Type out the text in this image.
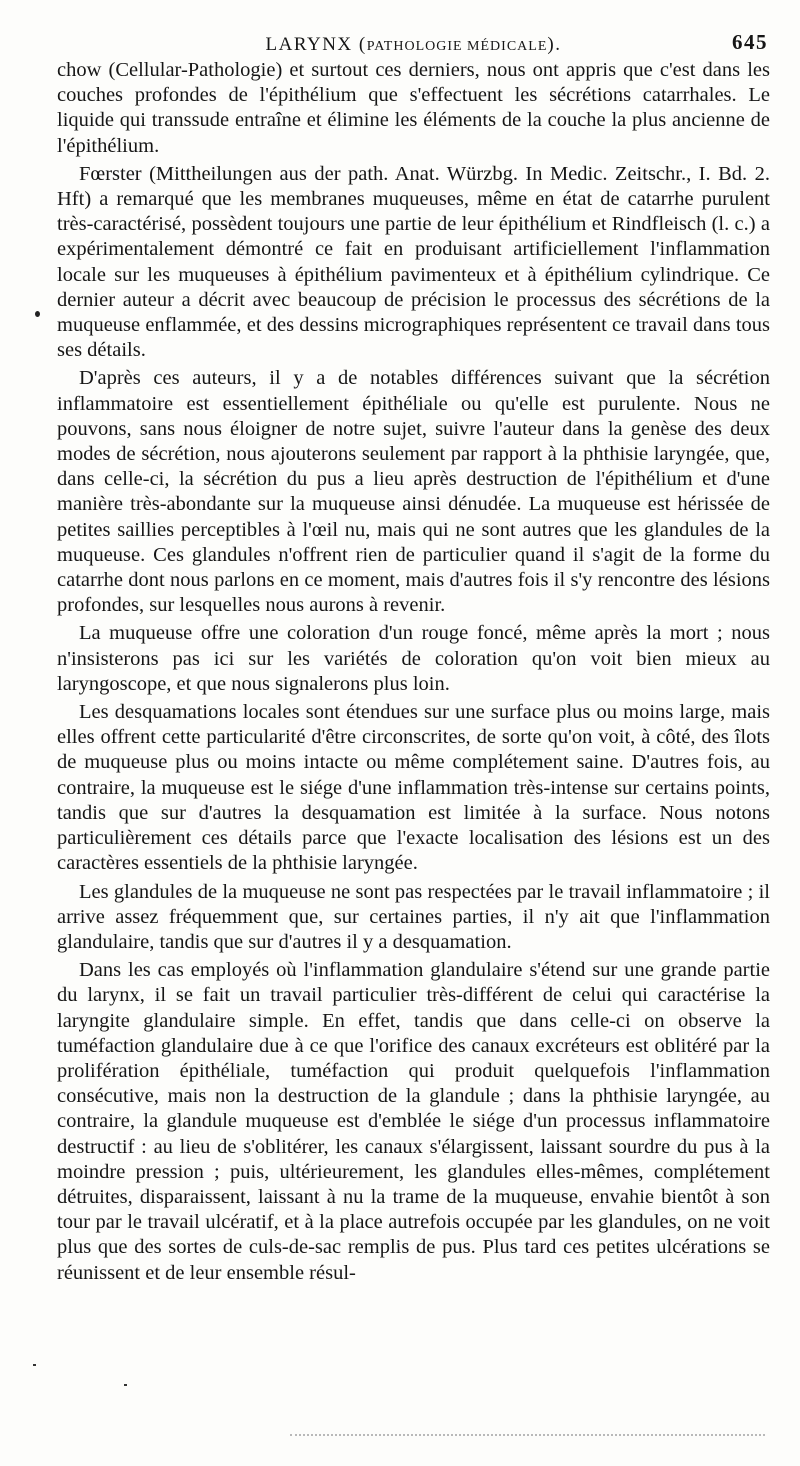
LARYNX (PATHOLOGIE MÉDICALE).	645

chow (Cellular-Pathologie) et surtout ces derniers, nous ont appris que c'est dans les couches profondes de l'épithélium que s'effectuent les sécrétions catarrhales. Le liquide qui transsude entraîne et élimine les éléments de la couche la plus ancienne de l'épithélium.

Fœrster (Mittheilungen aus der path. Anat. Würzbg. In Medic. Zeitschr., I. Bd. 2. Hft) a remarqué que les membranes muqueuses, même en état de catarrhe purulent très-caractérisé, possèdent toujours une partie de leur épithélium et Rindfleisch (l. c.) a expérimentalement démontré ce fait en produisant artificiellement l'inflammation locale sur les muqueuses à épithélium pavimenteux et à épithélium cylindrique. Ce dernier auteur a décrit avec beaucoup de précision le processus des sécrétions de la muqueuse enflammée, et des dessins micrographiques représentent ce travail dans tous ses détails.

D'après ces auteurs, il y a de notables différences suivant que la sécrétion inflammatoire est essentiellement épithéliale ou qu'elle est purulente. Nous ne pouvons, sans nous éloigner de notre sujet, suivre l'auteur dans la genèse des deux modes de sécrétion, nous ajouterons seulement par rapport à la phthisie laryngée, que, dans celle-ci, la sécrétion du pus a lieu après destruction de l'épithélium et d'une manière très-abondante sur la muqueuse ainsi dénudée. La muqueuse est hérissée de petites saillies perceptibles à l'œil nu, mais qui ne sont autres que les glandules de la muqueuse. Ces glandules n'offrent rien de particulier quand il s'agit de la forme du catarrhe dont nous parlons en ce moment, mais d'autres fois il s'y rencontre des lésions profondes, sur lesquelles nous aurons à revenir.

La muqueuse offre une coloration d'un rouge foncé, même après la mort ; nous n'insisterons pas ici sur les variétés de coloration qu'on voit bien mieux au laryngoscope, et que nous signalerons plus loin.

Les desquamations locales sont étendues sur une surface plus ou moins large, mais elles offrent cette particularité d'être circonscrites, de sorte qu'on voit, à côté, des îlots de muqueuse plus ou moins intacte ou même complétement saine. D'autres fois, au contraire, la muqueuse est le siége d'une inflammation très-intense sur certains points, tandis que sur d'autres la desquamation est limitée à la surface. Nous notons particulièrement ces détails parce que l'exacte localisation des lésions est un des caractères essentiels de la phthisie laryngée.

Les glandules de la muqueuse ne sont pas respectées par le travail inflammatoire ; il arrive assez fréquemment que, sur certaines parties, il n'y ait que l'inflammation glandulaire, tandis que sur d'autres il y a desquamation.

Dans les cas employés où l'inflammation glandulaire s'étend sur une grande partie du larynx, il se fait un travail particulier très-différent de celui qui caractérise la laryngite glandulaire simple. En effet, tandis que dans celle-ci on observe la tuméfaction glandulaire due à ce que l'orifice des canaux excréteurs est oblitéré par la prolifération épithéliale, tuméfaction qui produit quelquefois l'inflammation consécutive, mais non la destruction de la glandule ; dans la phthisie laryngée, au contraire, la glandule muqueuse est d'emblée le siége d'un processus inflammatoire destructif : au lieu de s'oblitérer, les canaux s'élargissent, laissant sourdre du pus à la moindre pression ; puis, ultérieurement, les glandules elles-mêmes, complétement détruites, disparaissent, laissant à nu la trame de la muqueuse, envahie bientôt à son tour par le travail ulcératif, et à la place autrefois occupée par les glandules, on ne voit plus que des sortes de culs-de-sac remplis de pus. Plus tard ces petites ulcérations se réunissent et de leur ensemble résul-
